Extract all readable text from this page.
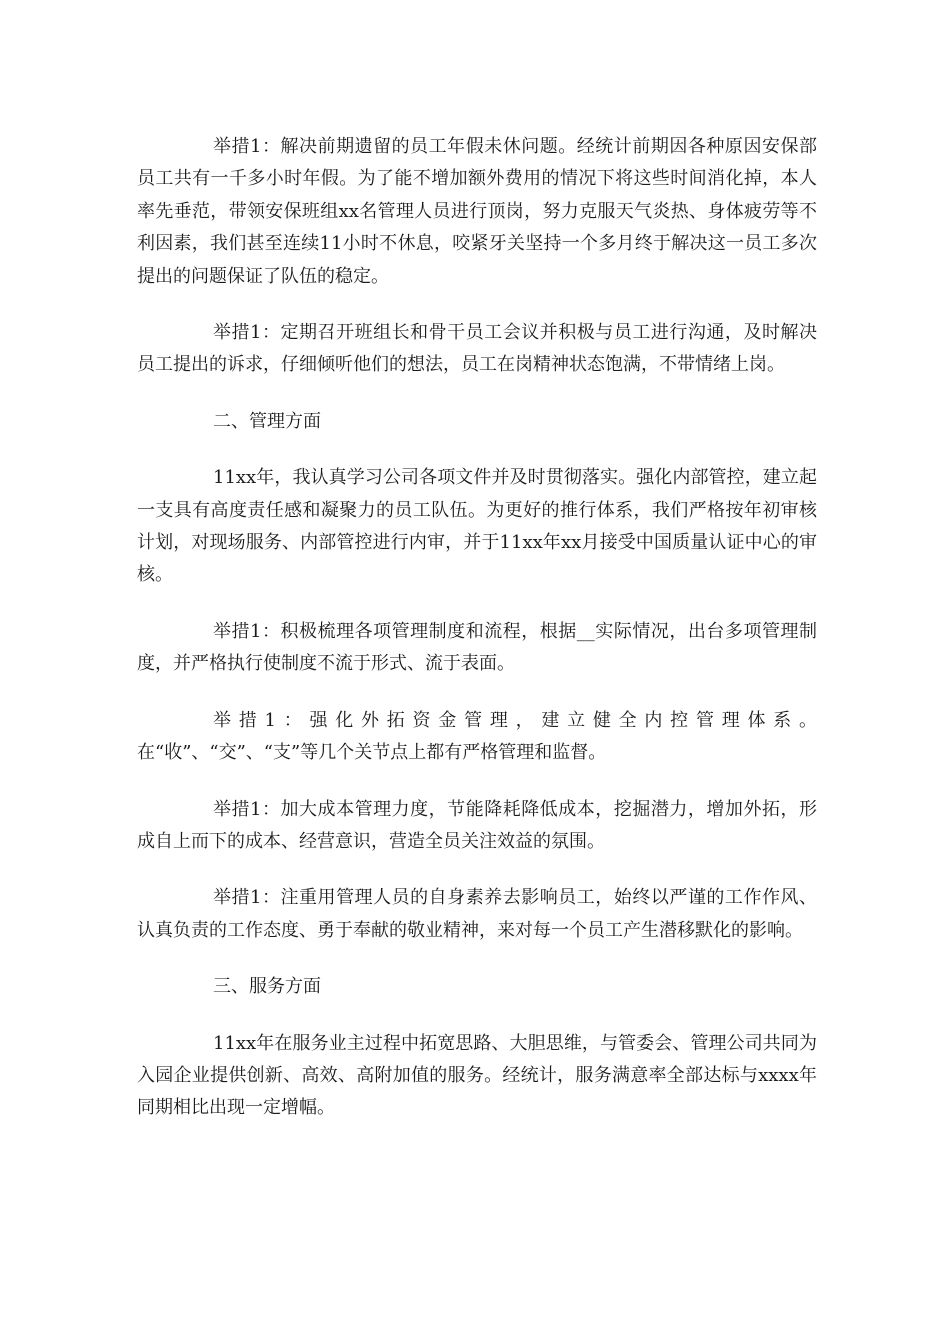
举措1：解决前期遗留的员工年假未休问题。经统计前期因各种原因安保部员工共有一千多小时年假。为了能不增加额外费用的情况下将这些时间消化掉，本人率先垂范，带领安保班组xx名管理人员进行顶岗，努力克服天气炎热、身体疲劳等不利因素，我们甚至连续11小时不休息，咬紧牙关坚持一个多月终于解决这一员工多次提出的问题保证了队伍的稳定。

举措1：定期召开班组长和骨干员工会议并积极与员工进行沟通，及时解决员工提出的诉求，仔细倾听他们的想法，员工在岗精神状态饱满，不带情绪上岗。

二、管理方面

11xx年，我认真学习公司各项文件并及时贯彻落实。强化内部管控，建立起一支具有高度责任感和凝聚力的员工队伍。为更好的推行体系，我们严格按年初审核计划，对现场服务、内部管控进行内审，并于11xx年xx月接受中国质量认证中心的审核。

举措1：积极梳理各项管理制度和流程，根据__实际情况，出台多项管理制度，并严格执行使制度不流于形式、流于表面。

举措1：强化外拓资金管理，建立健全内控管理体系。在“收”、“交”、“支”等几个关节点上都有严格管理和监督。

举措1：加大成本管理力度，节能降耗降低成本，挖掘潜力，增加外拓，形成自上而下的成本、经营意识，营造全员关注效益的氛围。

举措1：注重用管理人员的自身素养去影响员工，始终以严谨的工作作风、认真负责的工作态度、勇于奉献的敬业精神，来对每一个员工产生潜移默化的影响。

三、服务方面

11xx年在服务业主过程中拓宽思路、大胆思维，与管委会、管理公司共同为入园企业提供创新、高效、高附加值的服务。经统计，服务满意率全部达标与xxxx年同期相比出现一定增幅。
